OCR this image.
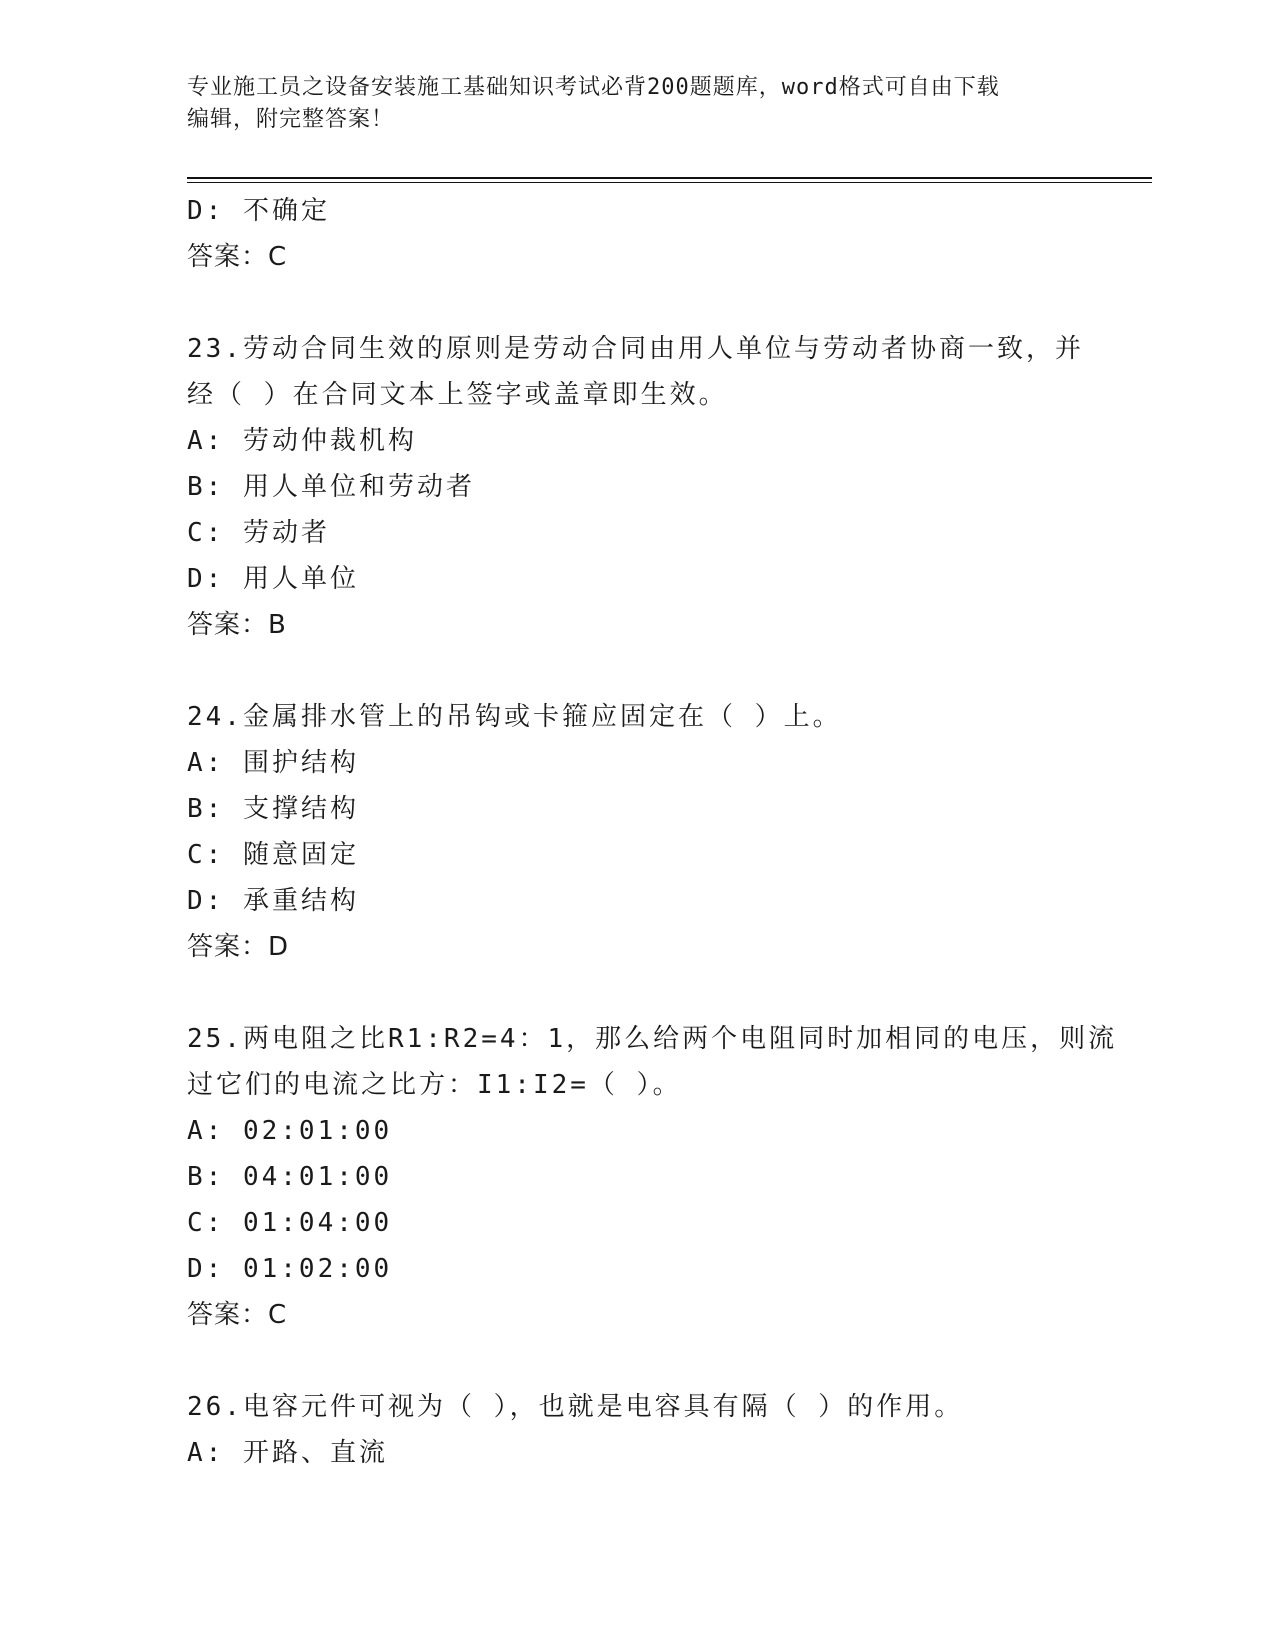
专业施工员之设备安装施工基础知识考试必背200题题库，word格式可自由下载
编辑，附完整答案！
D: 不确定
答案：C
23.劳动合同生效的原则是劳动合同由用人单位与劳动者协商一致，并
经（ ）在合同文本上签字或盖章即生效。
A: 劳动仲裁机构
B: 用人单位和劳动者
C: 劳动者
D: 用人单位
答案：B
24.金属排水管上的吊钩或卡箍应固定在（ ）上。
A: 围护结构
B: 支撑结构
C: 随意固定
D: 承重结构
答案：D
25.两电阻之比R1:R2=4：1，那么给两个电阻同时加相同的电压，则流
过它们的电流之比方：I1:I2=（ ）。
A: 02:01:00
B: 04:01:00
C: 01:04:00
D: 01:02:00
答案：C
26.电容元件可视为（ ），也就是电容具有隔（ ）的作用。
A: 开路、直流
